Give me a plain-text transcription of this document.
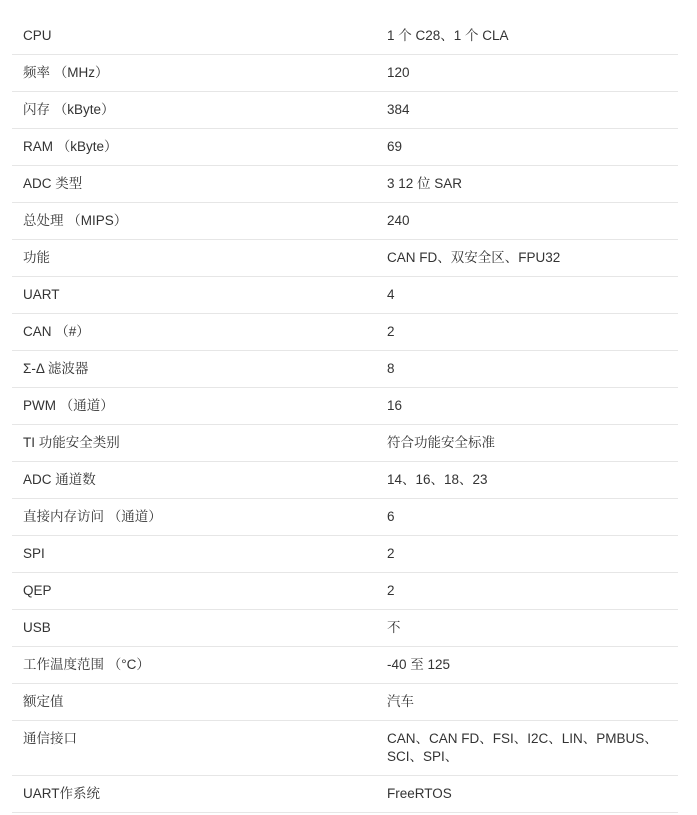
CPU	1 个 C28、1 个 CLA
频率 （MHz）	120
闪存 （kByte）	384
RAM （kByte）	69
ADC 类型	3 12 位 SAR
总处理 （MIPS）	240
功能	CAN FD、双安全区、FPU32
UART	4
CAN （#）	2
Σ-Δ 滤波器	8
PWM （通道）	16
TI 功能安全类别	符合功能安全标准
ADC 通道数	14、16、18、23
直接内存访问 （通道）	6
SPI	2
QEP	2
USB	不
工作温度范围 （°C）	-40 至 125
额定值	汽车
通信接口	CAN、CAN FD、FSI、I2C、LIN、PMBUS、SCI、SPI、
UART作系统	FreeRTOS
